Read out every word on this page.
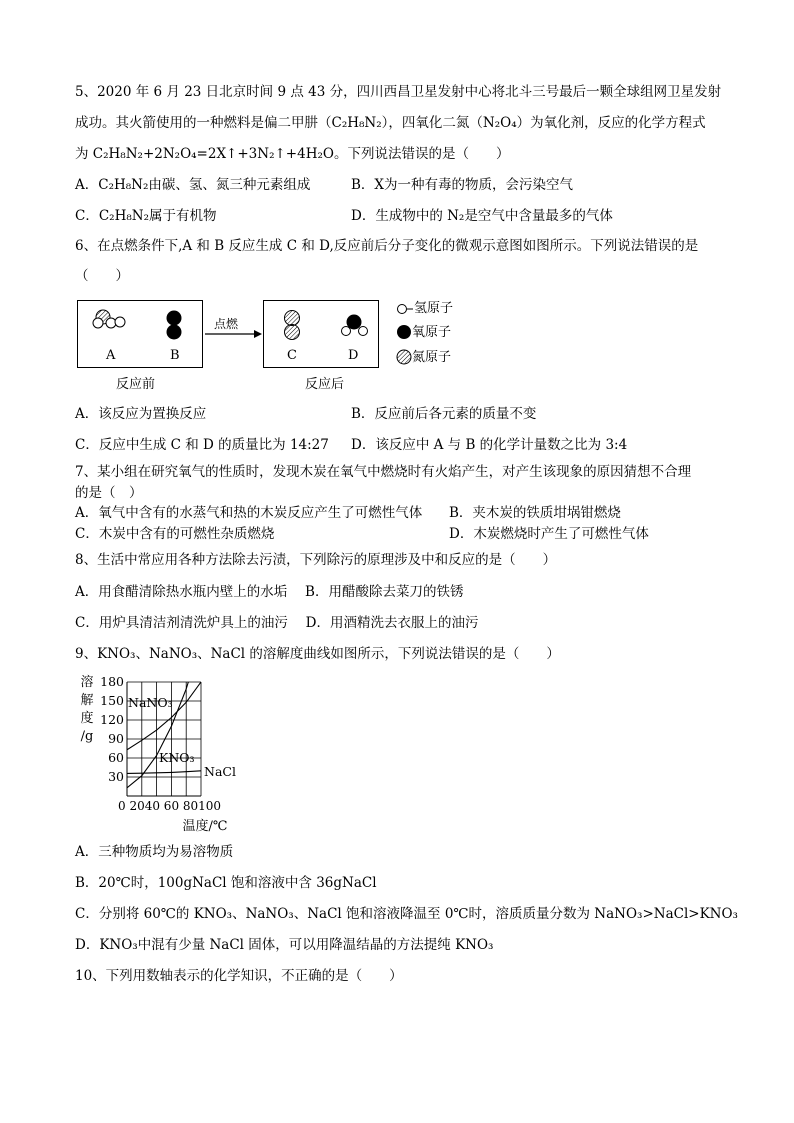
5、2020 年 6 月 23 日北京时间 9 点 43 分，四川西昌卫星发射中心将北斗三号最后一颗全球组网卫星发射
成功。其火箭使用的一种燃料是偏二甲肼（C₂H₈N₂），四氧化二氮（N₂O₄）为氧化剂，反应的化学方程式
为 C₂H₈N₂+2N₂O₄=2X↑+3N₂↑+4H₂O。下列说法错误的是（　　）
A．C₂H₈N₂由碳、氢、氮三种元素组成	B．X为一种有毒的物质，会污染空气
C．C₂H₈N₂属于有机物	D．生成物中的 N₂是空气中含量最多的气体
6、在点燃条件下,A 和 B 反应生成 C 和 D,反应前后分子变化的微观示意图如图所示。下列说法错误的是
（　　）
A	B	C	D
点燃
反应前	反应后
氢原子
氧原子
氮原子
A．该反应为置换反应	B．反应前后各元素的质量不变
C．反应中生成 C 和 D 的质量比为 14:27 D．该反应中 A 与 B 的化学计量数之比为 3:4
7、某小组在研究氧气的性质时，发现木炭在氧气中燃烧时有火焰产生，对产生该现象的原因猜想不合理
的是（　）
A．氧气中含有的水蒸气和热的木炭反应产生了可燃性气体 B．夹木炭的铁质坩埚钳燃烧
C．木炭中含有的可燃性杂质燃烧	D．木炭燃烧时产生了可燃性气体
8、生活中常应用各种方法除去污渍，下列除污的原理涉及中和反应的是（　　）
A．用食醋清除热水瓶内壁上的水垢　 B．用醋酸除去菜刀的铁锈
C．用炉具清洁剂清洗炉具上的油污　 D．用酒精洗去衣服上的油污
9、KNO₃、NaNO₃、NaCl 的溶解度曲线如图所示，下列说法错误的是（　　）
30
60
90
120
150
180
0 2040 60 80100
溶
解
度
/g
温度/℃
NaNO₃
KNO₃
NaCl
A．三种物质均为易溶物质
B．20℃时，100gNaCl 饱和溶液中含 36gNaCl
C．分别将 60℃的 KNO₃、NaNO₃、NaCl 饱和溶液降温至 0℃时，溶质质量分数为 NaNO₃>NaCl>KNO₃
D．KNO₃中混有少量 NaCl 固体，可以用降温结晶的方法提纯 KNO₃
10、下列用数轴表示的化学知识，不正确的是（　　）
